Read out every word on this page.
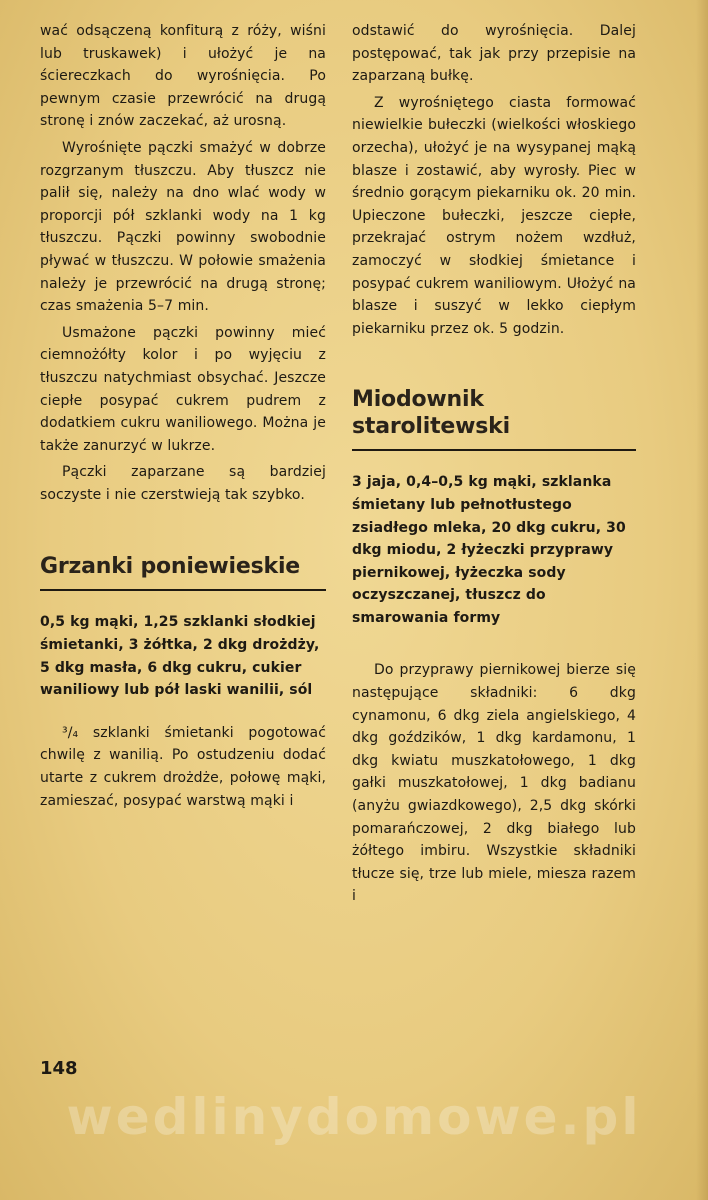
wać odsączeną konfiturą z róży, wiśni lub truskawek) i ułożyć je na ściereczkach do wyrośnięcia. Po pewnym czasie przewrócić na drugą stronę i znów zaczekać, aż urosną.

Wyrośnięte pączki smażyć w dobrze rozgrzanym tłuszczu. Aby tłuszcz nie palił się, należy na dno wlać wody w proporcji pół szklanki wody na 1 kg tłuszczu. Pączki powinny swobodnie pływać w tłuszczu. W połowie smażenia należy je przewrócić na drugą stronę; czas smażenia 5–7 min.

Usmażone pączki powinny mieć ciemnożółty kolor i po wyjęciu z tłuszczu natychmiast obsychać. Jeszcze ciepłe posypać cukrem pudrem z dodatkiem cukru waniliowego. Można je także zanurzyć w lukrze.

Pączki zaparzane są bardziej soczyste i nie czerstwieją tak szybko.

Grzanki poniewieskie

0,5 kg mąki, 1,25 szklanki słodkiej śmietanki, 3 żółtka, 2 dkg drożdży, 5 dkg masła, 6 dkg cukru, cukier waniliowy lub pół laski wanilii, sól

³/₄ szklanki śmietanki pogotować chwilę z wanilią. Po ostudzeniu dodać utarte z cukrem drożdże, połowę mąki, zamieszać, posypać warstwą mąki i

odstawić do wyrośnięcia. Dalej postępować, tak jak przy przepisie na zaparzaną bułkę.

Z wyrośniętego ciasta formować niewielkie bułeczki (wielkości włoskiego orzecha), ułożyć je na wysypanej mąką blasze i zostawić, aby wyrosły. Piec w średnio gorącym piekarniku ok. 20 min. Upieczone bułeczki, jeszcze ciepłe, przekrajać ostrym nożem wzdłuż, zamoczyć w słodkiej śmietance i posypać cukrem waniliowym. Ułożyć na blasze i suszyć w lekko ciepłym piekarniku przez ok. 5 godzin.

Miodownik
starolitewski

3 jaja, 0,4–0,5 kg mąki, szklanka śmietany lub pełnotłustego zsiadłego mleka, 20 dkg cukru, 30 dkg miodu, 2 łyżeczki przyprawy piernikowej, łyżeczka sody oczyszczanej, tłuszcz do smarowania formy

Do przyprawy piernikowej bierze się następujące składniki: 6 dkg cynamonu, 6 dkg ziela angielskiego, 4 dkg goździków, 1 dkg kardamonu, 1 dkg kwiatu muszkatołowego, 1 dkg gałki muszkatołowej, 1 dkg badianu (anyżu gwiazdkowego), 2,5 dkg skórki pomarańczowej, 2 dkg białego lub żółtego imbiru. Wszystkie składniki tłucze się, trze lub miele, miesza razem i

148
wedlinydomowe.pl
